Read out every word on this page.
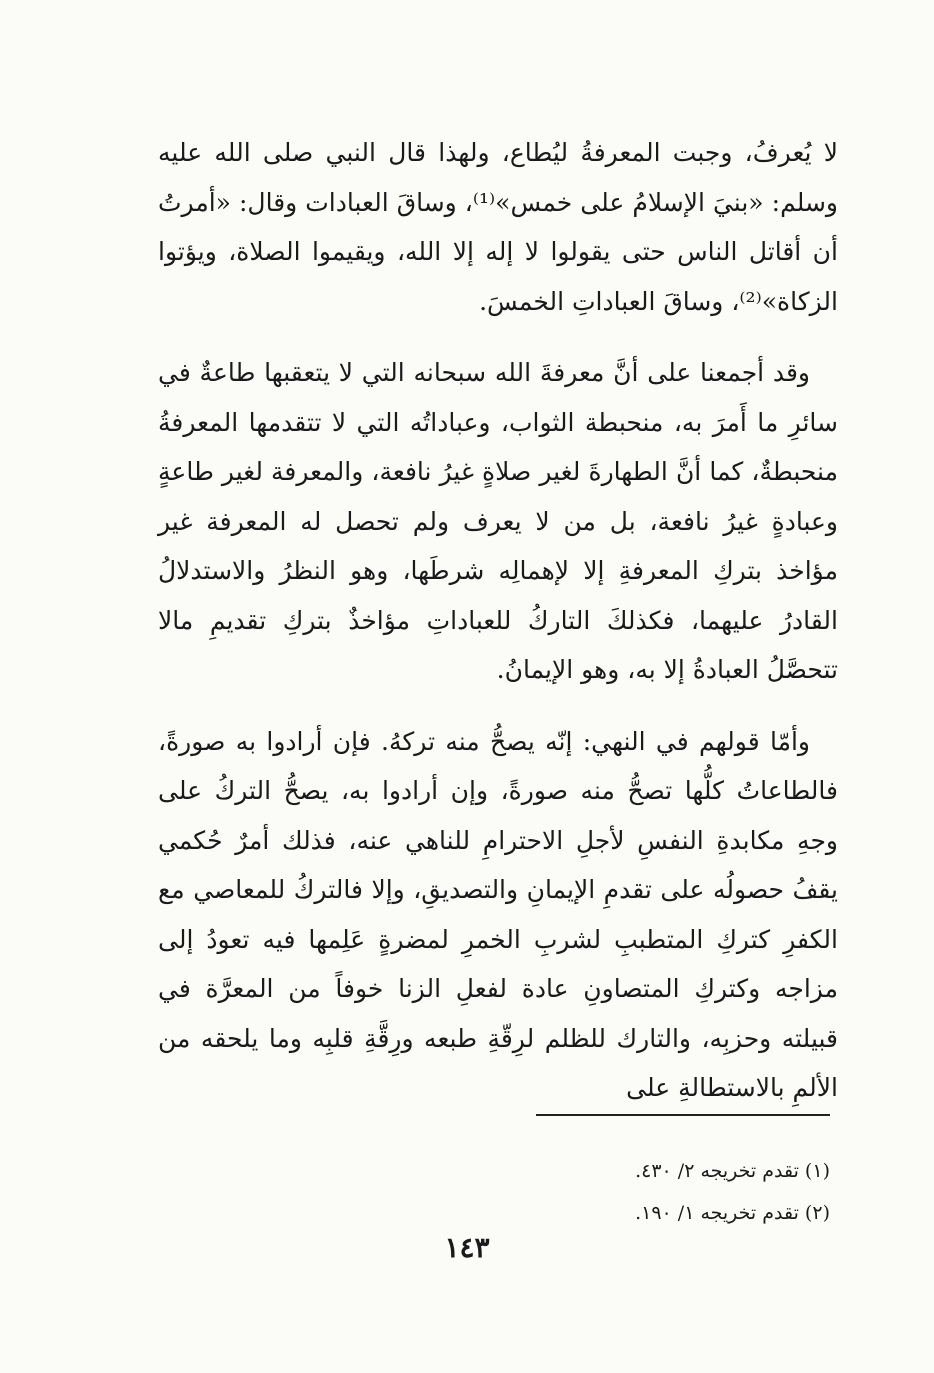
لا يُعرفُ، وجبت المعرفةُ ليُطاع، ولهذا قال النبي صلى الله عليه وسلم: «بنيَ الإسلامُ على خمس»⁽¹⁾، وساقَ العبادات وقال: «أمرتُ أن أقاتل الناس حتى يقولوا لا إله إلا الله، ويقيموا الصلاة، ويؤتوا الزكاة»⁽²⁾، وساقَ العباداتِ الخمسَ.

وقد أجمعنا على أنَّ معرفةَ الله سبحانه التي لا يتعقبها طاعةٌ في سائرِ ما أَمرَ به، منحبطة الثواب، وعباداتُه التي لا تتقدمها المعرفةُ منحبطةٌ، كما أنَّ الطهارةَ لغير صلاةٍ غيرُ نافعة، والمعرفة لغير طاعةٍ وعبادةٍ غيرُ نافعة، بل من لا يعرف ولم تحصل له المعرفة غير مؤاخذ بتركِ المعرفةِ إلا لإهمالِه شرطَها، وهو النظرُ والاستدلالُ القادرُ عليهما، فكذلكَ التاركُ للعباداتِ مؤاخذٌ بتركِ تقديمِ مالا تتحصَّلُ العبادةُ إلا به، وهو الإيمانُ.

وأمّا قولهم في النهي: إنّه يصحُّ منه تركهُ. فإن أرادوا به صورةً، فالطاعاتُ كلُّها تصحُّ منه صورةً، وإن أرادوا به، يصحُّ التركُ على وجهِ مكابدةِ النفسِ لأجلِ الاحترامِ للناهي عنه، فذلك أمرٌ حُكمي يقفُ حصولُه على تقدمِ الإيمانِ والتصديقِ، وإلا فالتركُ للمعاصي مع الكفرِ كتركِ المتطببِ لشربِ الخمرِ لمضرةٍ عَلِمها فيه تعودُ إلى مزاجه وكتركِ المتصاونِ عادة لفعلِ الزنا خوفاً من المعرَّة في قبيلته وحزبِه، والتارك للظلم لرِقّةِ طبعه ورِقَّةِ قلبِه وما يلحقه من الألمِ بالاستطالةِ على

(١) تقدم تخريجه ٢/ ٤٣٠.

(٢) تقدم تخريجه ١/ ١٩٠.

١٤٣
